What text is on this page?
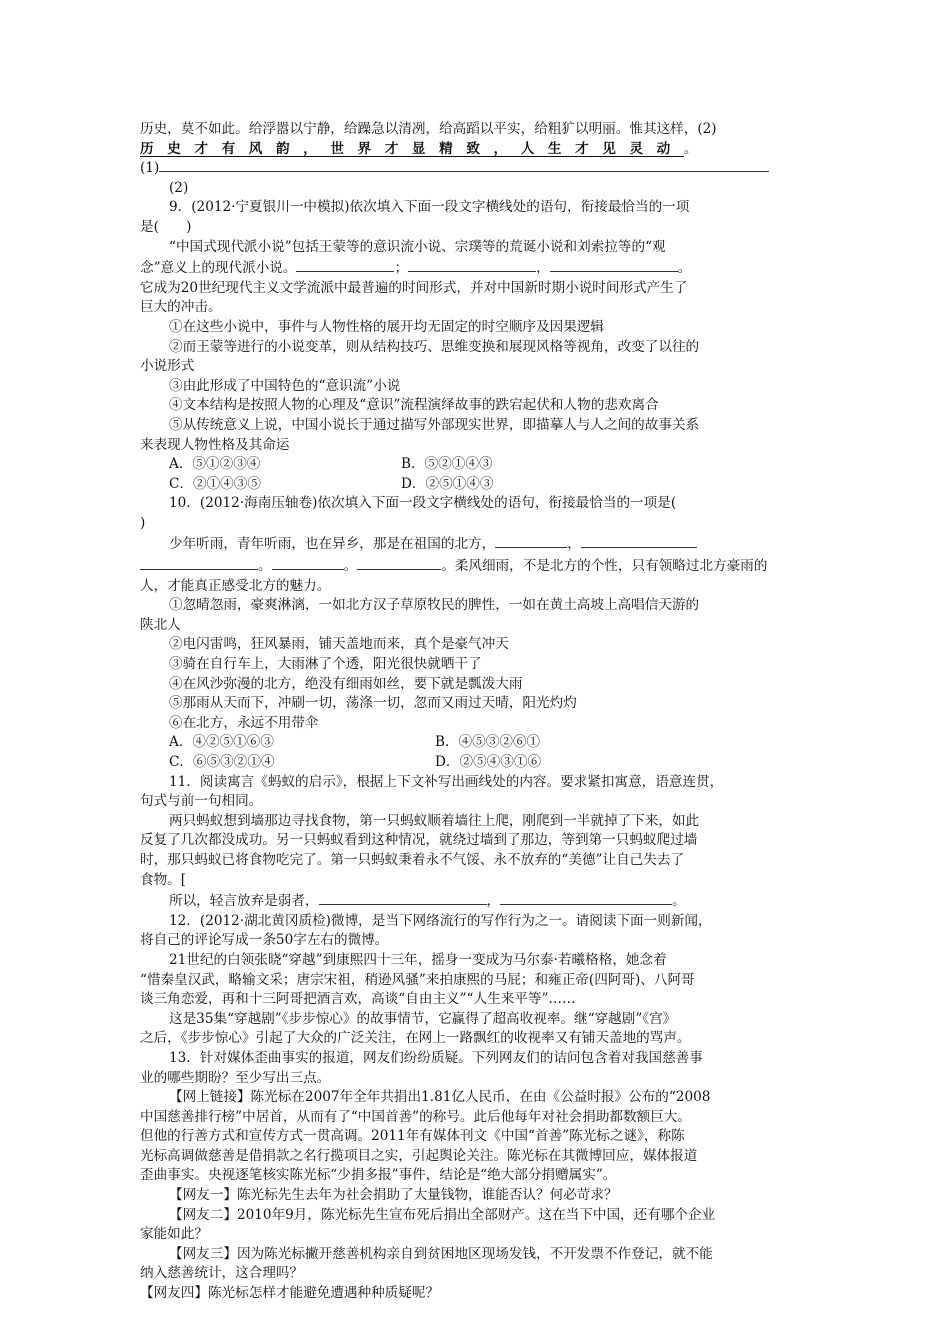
历史，莫不如此。给浮嚣以宁静，给躁急以清冽，给高蹈以平实，给粗犷以明丽。惟其这样，(2)

历史才有风韵，世界才显精致，人生才见灵动。

(1)

(2)

9．(2012·宁夏银川一中模拟)依次填入下面一段文字横线处的语句，衔接最恰当的一项

是(　　)

“中国式现代派小说”包括王蒙等的意识流小说、宗璞等的荒诞小说和刘索拉等的“观

念”意义上的现代派小说。	；	，	。

它成为20世纪现代主义文学流派中最普遍的时间形式，并对中国新时期小说时间形式产生了

巨大的冲击。

①在这些小说中，事件与人物性格的展开均无固定的时空顺序及因果逻辑

②而王蒙等进行的小说变革，则从结构技巧、思维变换和展现风格等视角，改变了以往的

小说形式

③由此形成了中国特色的“意识流”小说

④文本结构是按照人物的心理及“意识”流程演绎故事的跌宕起伏和人物的悲欢离合

⑤从传统意义上说，中国小说长于通过描写外部现实世界，即描摹人与人之间的故事关系

来表现人物性格及其命运

A．⑤①②③④	B．⑤②①④③
C．②①④③⑤	D．②⑤①④③

10．(2012·海南压轴卷)依次填入下面一段文字横线处的语句，衔接最恰当的一项是(

)

少年听雨，青年听雨，也在异乡，那是在祖国的北方，	，

。	。	。柔风细雨，不是北方的个性，只有领略过北方豪雨的

人，才能真正感受北方的魅力。

①忽晴忽雨，豪爽淋漓，一如北方汉子草原牧民的脾性，一如在黄土高坡上高唱信天游的

陕北人

②电闪雷鸣，狂风暴雨，铺天盖地而来，真个是豪气冲天

③骑在自行车上，大雨淋了个透，阳光很快就晒干了

④在风沙弥漫的北方，绝没有细雨如丝，要下就是瓢泼大雨

⑤那雨从天而下，冲刷一切，荡涤一切，忽而又雨过天晴，阳光灼灼

⑥在北方，永远不用带伞

A．④②⑤①⑥③	B．④⑤③②⑥①
C．⑥⑤③②①④	D．②⑤④③①⑥

11．阅读寓言《蚂蚁的启示》，根据上下文补写出画线处的内容。要求紧扣寓意，语意连贯，

句式与前一句相同。

两只蚂蚁想到墙那边寻找食物，第一只蚂蚁顺着墙往上爬，刚爬到一半就掉了下来，如此

反复了几次都没成功。另一只蚂蚁看到这种情况，就绕过墙到了那边，等到第一只蚂蚁爬过墙

时，那只蚂蚁已将食物吃完了。第一只蚂蚁秉着永不气馁、永不放弃的“美德”让自己失去了

食物。[

所以，轻言放弃是弱者，	，	。

12．(2012·湖北黄冈质检)微博，是当下网络流行的写作行为之一。请阅读下面一则新闻，

将自己的评论写成一条50字左右的微博。

21世纪的白领张晓“穿越”到康熙四十三年，摇身一变成为马尔泰·若曦格格，她念着

“惜秦皇汉武，略输文采；唐宗宋祖，稍逊风骚”来拍康熙的马屁；和雍正帝(四阿哥)、八阿哥

谈三角恋爱，再和十三阿哥把酒言欢，高谈“自由主义”“人生来平等”……

这是35集“穿越剧”《步步惊心》的故事情节，它赢得了超高收视率。继“穿越剧”《宫》

之后，《步步惊心》引起了大众的广泛关注，在网上一路飘红的收视率又有铺天盖地的骂声。

13．针对媒体歪曲事实的报道，网友们纷纷质疑。下列网友们的诘问包含着对我国慈善事

业的哪些期盼？至少写出三点。

【网上链接】陈光标在2007年全年共捐出1.81亿人民币，在由《公益时报》公布的“2008

中国慈善排行榜”中居首，从而有了“中国首善”的称号。此后他每年对社会捐助都数额巨大。

但他的行善方式和宣传方式一贯高调。2011年有媒体刊文《中国“首善”陈光标之谜》，称陈

光标高调做慈善是借捐款之名行揽项目之实，引起舆论关注。陈光标在其微博回应，媒体报道

歪曲事实。央视逐笔核实陈光标“少捐多报”事件，结论是“绝大部分捐赠属实”。

【网友一】陈光标先生去年为社会捐助了大量钱物，谁能否认？何必苛求？

【网友二】2010年9月，陈光标先生宣布死后捐出全部财产。这在当下中国，还有哪个企业

家能如此？

【网友三】因为陈光标撇开慈善机构亲自到贫困地区现场发钱，不开发票不作登记，就不能

纳入慈善统计，这合理吗？

【网友四】陈光标怎样才能避免遭遇种种质疑呢？
